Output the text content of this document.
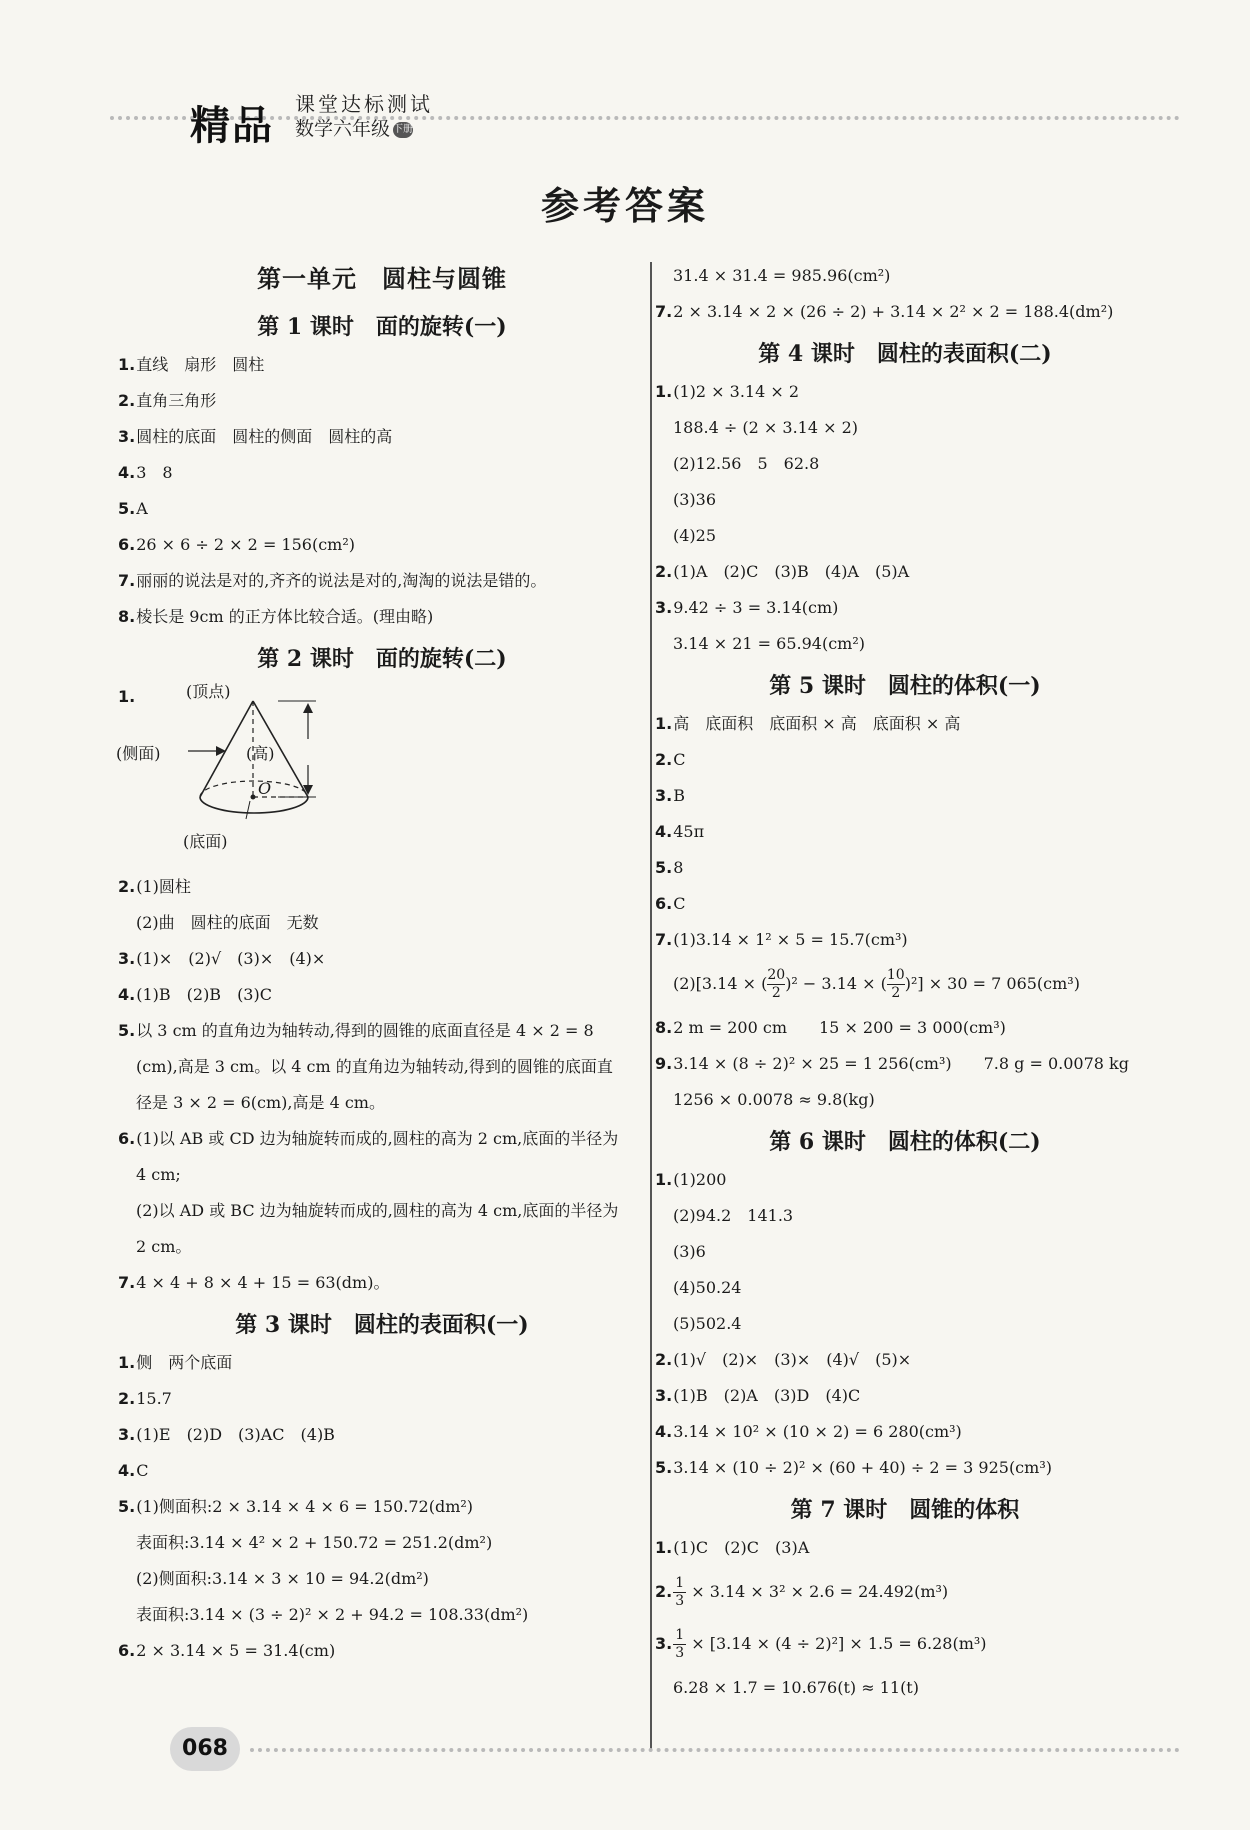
精品 课堂达标测试
数学六年级 下册
参考答案
第一单元　圆柱与圆锥
第 1 课时　面的旋转(一)
1.直线　扇形　圆柱
2.直角三角形
3.圆柱的底面　圆柱的侧面　圆柱的高
4.3　8
5.A
6.26 × 6 ÷ 2 × 2 = 156(cm²)
7.丽丽的说法是对的,齐齐的说法是对的,淘淘的说法是错的。
8.棱长是 9cm 的正方体比较合适。(理由略)
第 2 课时　面的旋转(二)
1.	(顶点)
(侧面)	(高)
O
(底面)
2.(1)圆柱
(2)曲　圆柱的底面　无数
3.(1)×　(2)√　(3)×　(4)×
4.(1)B　(2)B　(3)C
5.以 3 cm 的直角边为轴转动,得到的圆锥的底面直径是 4 × 2 = 8
(cm),高是 3 cm。以 4 cm 的直角边为轴转动,得到的圆锥的底面直
径是 3 × 2 = 6(cm),高是 4 cm。
6.(1)以 AB 或 CD 边为轴旋转而成的,圆柱的高为 2 cm,底面的半径为
4 cm;
(2)以 AD 或 BC 边为轴旋转而成的,圆柱的高为 4 cm,底面的半径为
2 cm。
7.4 × 4 + 8 × 4 + 15 = 63(dm)。
第 3 课时　圆柱的表面积(一)
1.侧　两个底面
2.15.7
3.(1)E　(2)D　(3)AC　(4)B
4.C
5.(1)侧面积:2 × 3.14 × 4 × 6 = 150.72(dm²)
表面积:3.14 × 4² × 2 + 150.72 = 251.2(dm²)
(2)侧面积:3.14 × 3 × 10 = 94.2(dm²)
表面积:3.14 × (3 ÷ 2)² × 2 + 94.2 = 108.33(dm²)
6.2 × 3.14 × 5 = 31.4(cm)
31.4 × 31.4 = 985.96(cm²)
7.2 × 3.14 × 2 × (26 ÷ 2) + 3.14 × 2² × 2 = 188.4(dm²)
第 4 课时　圆柱的表面积(二)
1.(1)2 × 3.14 × 2
188.4 ÷ (2 × 3.14 × 2)
(2)12.56　5　62.8
(3)36
(4)25
2.(1)A　(2)C　(3)B　(4)A　(5)A
3.9.42 ÷ 3 = 3.14(cm)
3.14 × 21 = 65.94(cm²)
第 5 课时　圆柱的体积(一)
1.高　底面积　底面积 × 高　底面积 × 高
2.C
3.B
4.45π
5.8
6.C
7.(1)3.14 × 1² × 5 = 15.7(cm³)
(2)[3.14 × ( $\frac{20}{2} )^2 - 3.14$ × ( $\frac{10}{2} )^2] \times 30 = 7$ 065(cm³)
8.2 m = 200 cm　　15 × 200 = 3 000(cm³)
9.3.14 × (8 ÷ 2)² × 25 = 1 256(cm³)　　7.8 g = 0.0078 kg
1256 × 0.0078 ≈ 9.8(kg)
第 6 课时　圆柱的体积(二)
1.(1)200
(2)94.2　141.3
(3)6
(4)50.24
(5)502.4
2.(1)√　(2)×　(3)×　(4)√　(5)×
3.(1)B　(2)A　(3)D　(4)C
4.3.14 × 10² × (10 × 2) = 6 280(cm³)
5.3.14 × (10 ÷ 2)² × (60 + 40) ÷ 2 = 3 925(cm³)
第 7 课时　圆锥的体积
1.(1)C　(2)C　(3)A
2. $\frac{1}{3} \times 3.14 \times 3^2 \times 2.6 = 24.492(m^3)$
3. $\frac{1}{3} \times [3.14 \times (4 \div 2)^2] \times 1.5 = 6.28(m^3)$
6.28 × 1.7 = 10.676(t) ≈ 11(t)
068
